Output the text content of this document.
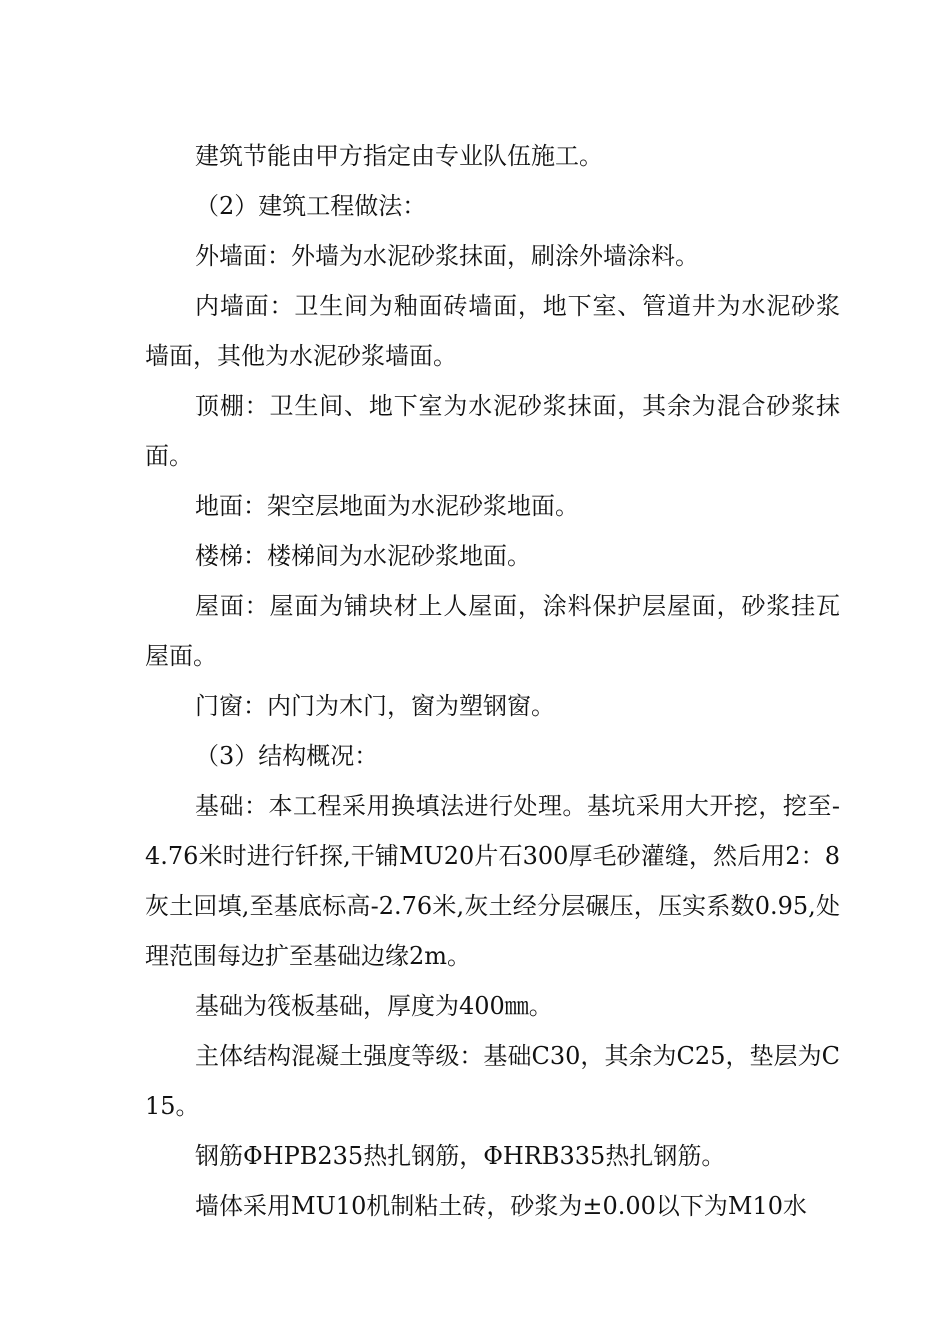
建筑节能由甲方指定由专业队伍施工。

（2）建筑工程做法：

外墙面：外墙为水泥砂浆抹面，刷涂外墙涂料。

内墙面：卫生间为釉面砖墙面，地下室、管道井为水泥砂浆墙面，其他为水泥砂浆墙面。

顶棚：卫生间、地下室为水泥砂浆抹面，其余为混合砂浆抹面。

地面：架空层地面为水泥砂浆地面。

楼梯：楼梯间为水泥砂浆地面。

屋面：屋面为铺块材上人屋面，涂料保护层屋面，砂浆挂瓦屋面。

门窗：内门为木门，窗为塑钢窗。

（3）结构概况：

基础：本工程采用换填法进行处理。基坑采用大开挖，挖至-4.76米时进行钎探,干铺MU20片石300厚毛砂灌缝，然后用2：8灰土回填,至基底标高-2.76米,灰土经分层碾压，压实系数0.95,处理范围每边扩至基础边缘2m。

基础为筏板基础，厚度为400㎜。

主体结构混凝土强度等级：基础C30，其余为C25，垫层为C15。

钢筋ΦHPB235热扎钢筋，ΦHRB335热扎钢筋。

墙体采用MU10机制粘土砖，砂浆为±0.00以下为M10水
